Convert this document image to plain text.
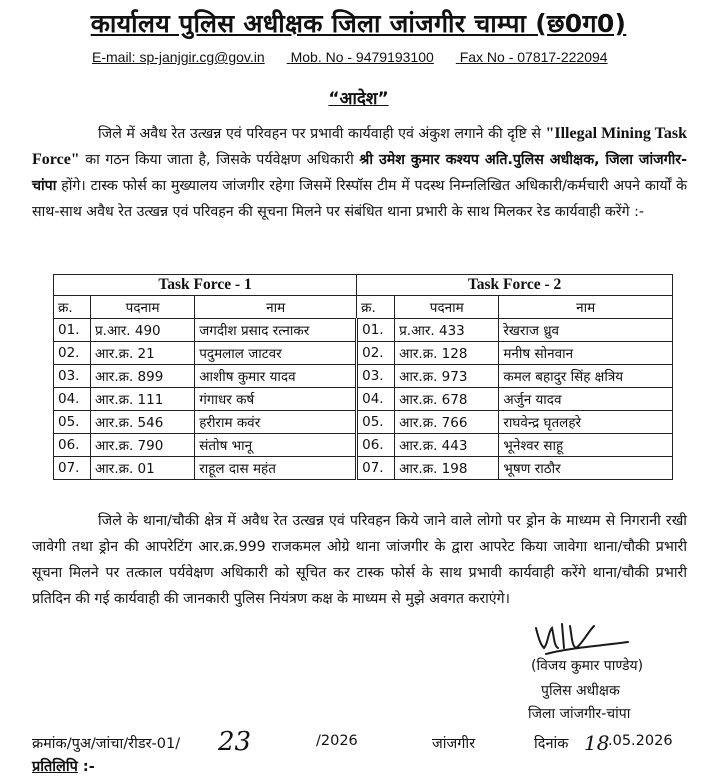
कार्यालय पुलिस अधीक्षक जिला जांजगीर चाम्पा (छ0ग0)
E-mail: sp-janjgir.cg@gov.in Mob. No - 9479193100 Fax No - 07817-222094
“आदेश”
जिले में अवैध रेत उत्खन्न एवं परिवहन पर प्रभावी कार्यवाही एवं अंकुश लगाने की दृष्टि से "Illegal Mining Task Force" का गठन किया जाता है, जिसके पर्यवेक्षण अधिकारी श्री उमेश कुमार कश्यप अति.पुलिस अधीक्षक, जिला जांजगीर-चांपा होंगे। टास्क फोर्स का मुख्यालय जांजगीर रहेगा जिसमें रिस्पॉस टीम में पदस्थ निम्नलिखित अधिकारी/कर्मचारी अपने कार्यों के साथ-साथ अवैध रेत उत्खन्न एवं परिवहन की सूचना मिलने पर संबंधित थाना प्रभारी के साथ मिलकर रेड कार्यवाही करेंगे :-
Task Force - 1			Task Force - 2		
क्र.	पदनाम	नाम	क्र.	पदनाम	नाम
01.	प्र.आर. 490	जगदीश प्रसाद रत्नाकर	01.	प्र.आर. 433	रेखराज ध्रुव
02.	आर.क्र. 21	पदुमलाल जाटवर	02.	आर.क्र. 128	मनीष सोनवान
03.	आर.क्र. 899	आशीष कुमार यादव	03.	आर.क्र. 973	कमल बहादुर सिंह क्षत्रिय
04.	आर.क्र. 111	गंगाधर कर्ष	04.	आर.क्र. 678	अर्जुन यादव
05.	आर.क्र. 546	हरीराम कवंर	05.	आर.क्र. 766	राघवेन्द्र घृतलहरे
06.	आर.क्र. 790	संतोष भानू	06.	आर.क्र. 443	भूनेश्वर साहू
07.	आर.क्र. 01	राहूल दास महंत	07.	आर.क्र. 198	भूषण राठौर
जिले के थाना/चौकी क्षेत्र में अवैध रेत उत्खन्न एवं परिवहन किये जाने वाले लोगो पर ड्रोन के माध्यम से निगरानी रखी जावेगी तथा ड्रोन की आपरेटिंग आर.क्र.999 राजकमल ओग्रे थाना जांजगीर के द्वारा आपरेट किया जावेगा थाना/चौकी प्रभारी सूचना मिलने पर तत्काल पर्यवेक्षण अधिकारी को सूचित कर टास्क फोर्स के साथ प्रभावी कार्यवाही करेंगे थाना/चौकी प्रभारी प्रतिदिन की गई कार्यवाही की जानकारी पुलिस नियंत्रण कक्ष के माध्यम से मुझे अवगत कराएंगे।
(विजय कुमार पाण्डेय)
पुलिस अधीक्षक
जिला जांजगीर-चांपा
क्रमांक/पुअ/जांचा/रीडर-01/ 23	/2026	जांजगीर	दिनांक 18
.05.2026
प्रतिलिपि :-
